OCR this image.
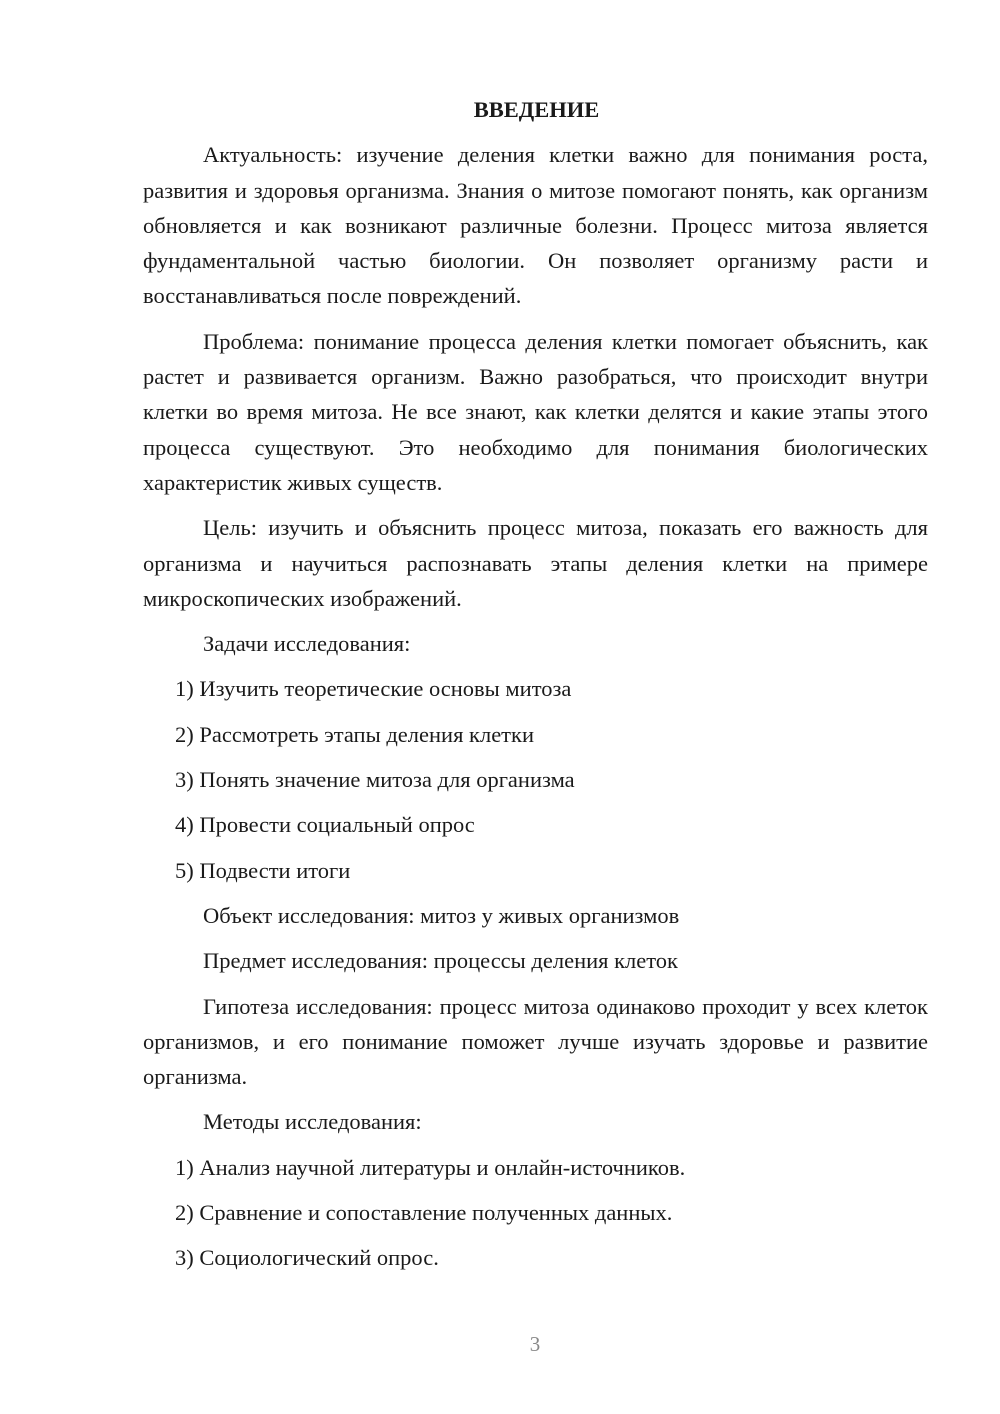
ВВЕДЕНИЕ

Актуальность: изучение деления клетки важно для понимания роста, развития и здоровья организма. Знания о митозе помогают понять, как организм обновляется и как возникают различные болезни. Процесс митоза является фундаментальной частью биологии. Он позволяет организму расти и восстанавливаться после повреждений.

Проблема: понимание процесса деления клетки помогает объяснить, как растет и развивается организм. Важно разобраться, что происходит внутри клетки во время митоза. Не все знают, как клетки делятся и какие этапы этого процесса существуют. Это необходимо для понимания биологических характеристик живых существ.

Цель: изучить и объяснить процесс митоза, показать его важность для организма и научиться распознавать этапы деления клетки на примере микроскопических изображений.

Задачи исследования:

1) Изучить теоретические основы митоза

2) Рассмотреть этапы деления клетки

3) Понять значение митоза для организма

4) Провести социальный опрос

5) Подвести итоги

Объект исследования: митоз у живых организмов

Предмет исследования: процессы деления клеток

Гипотеза исследования: процесс митоза одинаково проходит у всех клеток организмов, и его понимание поможет лучше изучать здоровье и развитие организма.

Методы исследования:

1) Анализ научной литературы и онлайн-источников.

2) Сравнение и сопоставление полученных данных.

3) Социологический опрос.

3
